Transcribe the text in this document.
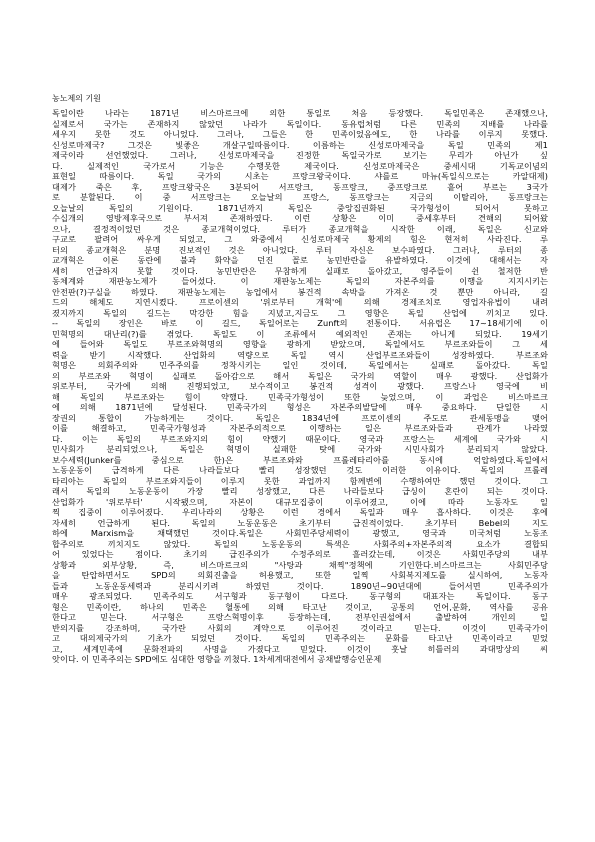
농노제의 기원
독일이란 나라는 1871년 비스마르크에 의한 통일로 처음 등장했다. 독일민족은 존재했으나,
실제로서 국가는 존재하지 않았던 나라가 독일이다. 동유럽처럼 다른 민족의 지배를 나라를
세우지 못한 것도 아니었다. 그러나, 그들은 한 민족이었음에도, 한 나라를 이루지 못했다.
신성로마제국? 그것은 빛좋은 개살구일따름이다. 이름하는 신성로마제국을 독일 민족의 제1
제국이라 선언했었다. 그러나, 신성로마제국을 진정한 독일국가로 보기는 무리가 아닌가 싶
다. 실제적인 국가로서 기능은 수행못한 제국이다. 신성로마제국은 중세시대 기독교이념의
표현일 따름이다. 독일 국가의 시초는 프랑크왕국이다. 샤를르 마뉴(독일식으로는 카알대제)
대제가 죽은 후, 프랑크왕국은 3분되어 서프랑크, 동프랑크, 중프랑크로 흩어 부르는 3국가
로 분할된다. 이 중 서프랑크는 오늘날의 프랑스, 동프랑크는 지금의 이탈리아, 동프랑크는
오늘날의 독일의 기원이다. 1871년까지 독일은 중앙집권화된 국가형성이 되어서 못하고
수십개의 영방제후국으로 부서져 존재하였다. 이런 상황은 이미 중세후부터 견해의 되어왔
으나, 결정적이었던 것은 종교개혁이었다. 루터가 종교개혁을 시작한 이래, 독일은 신교와
구교로 팔려어 싸우게 되었고, 그 와중에서 신성로마제국 황제의 힘은 현저히 사라진다. 루
터의 종교개혁은 분명 진보적인 것은 아니었다. 루터 자신은 보수파였다. 그러나, 루터의 종
교개혁은 이론 동란에 불과 화약을 던진 꼴로 농민반란을 유발하였다. 이것에 대해서는 자
세히 언급하지 못할 것이다. 농민반란은 무참하게 실패로 돌아갔고, 영주들이 쉰 철저한 반
동체계와 재판농노제가 들어섰다. 이 재판농노제는 독일의 자본주의를 이행을 지지시키는
안전판(?)구실을 하였다. 재판농노제는 농업에서 봉건적 속박을 가져온 것 뿐만 아니라, 길
드의 해체도 지연시켰다. 프로이센의 '위로부터 개혁'에 의해 경제조치로 영업자유법이 내려
졌지까지 독일의 길드는 막강한 힘을 지녔고,지금도 그 영향은 독일 산업에 끼치고 있다.
-- 독일의 장인은 바로 이 길드, 독일어로는 Zunft의 전통이다. 서유럽은 17~18세기에 이
민혁명의 대난리(?)를 겪었다. 독일도 이 조류에서 예외적인 존재는 아니게 되었다. 19세기
에 들어와 독일도 부르조와혁명의 영향을 광하게 받았으며, 독일에서도 부르조와들이 그 세
력을 받기 시작했다. 산업화의 역량으로 독일 역시 산업부르조와들이 성장하였다. 부르조와
혁명은 의회주의와 민주주의를 정착시키는 일인 것이데, 독일에서는 실패로 돌아갔다. 독일
의 부르조와 혁명이 실패로 돌아감으로 해서 독일은 국가의 역할이 매우 광했다. 산업화가
위로부터, 국가에 의해 진행되었고, 보수적이고 봉건적 성격이 광했다. 프랑스나 영국에 비
해 독일의 부르조와는 힘이 약했다. 민족국가형성이 또한 늦었으며, 이 과업은 비스마르크
에 의해 1871년에 달성된다. 민족국가의 형성은 자본주의발달에 매우 중요하다. 단일한 시
장권의 통합이 가능하게는 것이다. 독일은 1834년에 프로이센의 주도로 관세동맹을 맺어
이를 해결하고, 민족국가형성과 자본주의적으로 이행하는 일은 부르조와들과 관계가 나라였
다. 이는 독일의 부르조와지의 힘이 약했기 때문이다. 영국과 프랑스는 세계에 국가와 시
민사회가 분리되었으나, 독일은 혁명이 실패한 탓에 국가와 시민사회가 분리되지 않았다.
보수세력(Junker를 중심으로 한)은 부르조와와 프롤레타리아를 동시에 억압하였다.독일에서
노동운동이 급격하게 다른 나라들보다 빨리 성장했던 것도 이러한 이유이다. 독일의 프롤레
타리아는 독일의 부르조와지들이 이루지 못한 과업까지 함께변에 수행하여만 했던 것이다. 그
래서 독일의 노동운동이 가장 빨리 성장했고, 다른 나라들보다 급싱이 혼란이 되는 것이다.
산업화가 '위로부터' 시작됐으며, 자본이 대규모집중이 이루어졌고, 이에 따라 노동자도 일
찍 집중이 이루어졌다. 우리나라의 상황은 이런 경에서 독일과 매우 흡사하다. 이것은 후에
자세히 언급하게 된다. 독일의 노동운동은 초기부터 급진적이었다. 초기부터 Bebel의 지도
하에 Marxism을 채택했던 것이다.독일은 사회민주당세력이 광했고, 영국과 미국처럼 노동조
합주의로 끼치지도 않았다. 독일의 노동운동의 특색은 사회주의+자본주의적 요소가 결합되
어 있었다는 점이다. 초기의 급진주의가 수정주의로 흘러갔는데, 이것은 사회민주당의 내부
상황과 외부상황, 즉, 비스마르크의 "사탕과 채찍"정책에 기인한다.비스마르크는 사회민주당
을 탄압하면서도 SPD의 의회진출을 허용했고, 또한 일찍 사회복지제도를 실시하여, 노동자
들과 노동운동세력과 분리시키려 하였던 것이다. 1890년~90년대에 들어서면 민족주의가
매우 광조되었다. 민족주의도 서구형과 동구형이 다르다. 동구형의 대표자는 독일이다. 동구
형은 민족이란, 하나의 민족은 혈통에 의해 타고난 것이고, 공통의 언어,문화, 역사를 공유
한다고 믿는다. 서구형은 프랑스혁명이후 등장하는데, 전부인권설에서 출발하여 개인의 일
반의지를 강조하며, 국가란 사회의 계약으로 이루어진 것이라고 믿는다. 이것이 민족국가이
고 대의제국가의 기초가 되었던 것이다. 독일의 민족주의는 문화를 타고난 민족이라고 믿었
고, 세계민족에 문화전파의 사명을 가졌다고 믿었다. 이것이 훗날 히틀러의 과대망상의 씨
앗이다. 이 민족주의는 SPD에도 심대한 영향을 끼쳤다. 1차세계대전에서 공채발행승인문제
